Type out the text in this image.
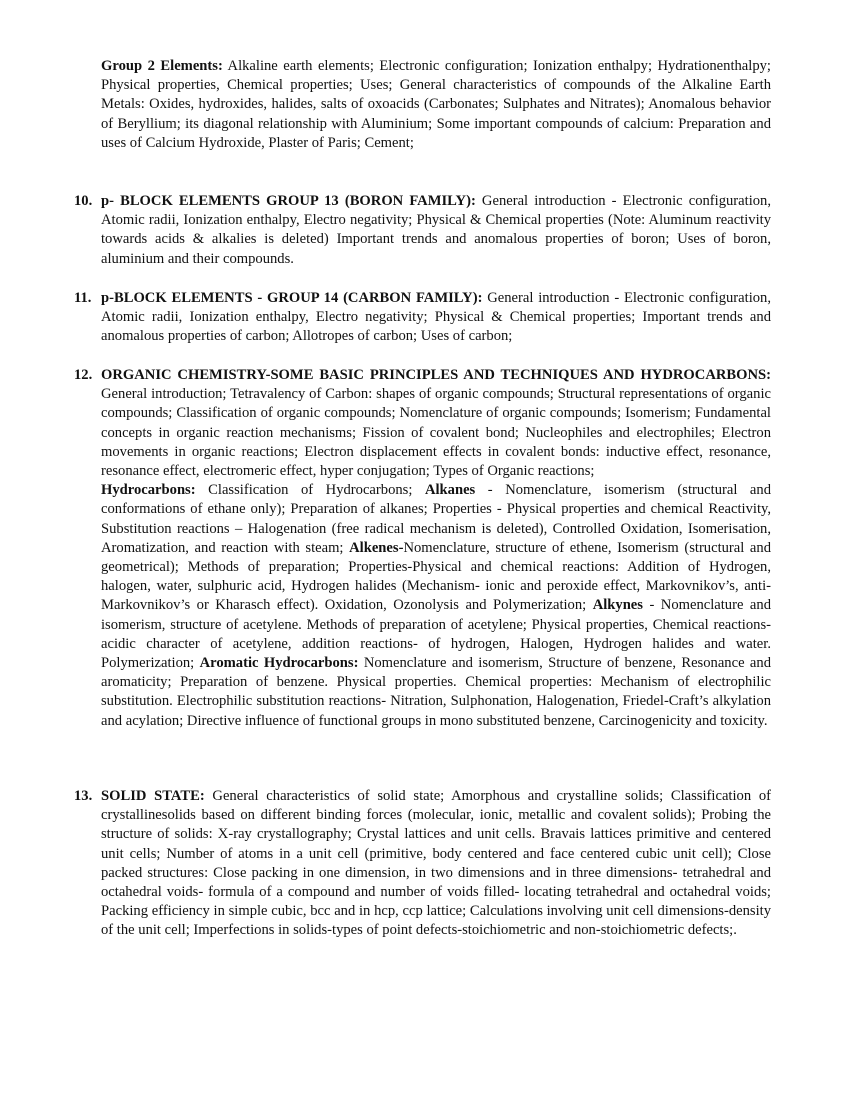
Group 2 Elements: Alkaline earth elements; Electronic configuration; Ionization enthalpy; Hydrationenthalpy; Physical properties, Chemical properties; Uses; General characteristics of compounds of the Alkaline Earth Metals: Oxides, hydroxides, halides, salts of oxoacids (Carbonates; Sulphates and Nitrates); Anomalous behavior of Beryllium; its diagonal relationship with Aluminium; Some important compounds of calcium: Preparation and uses of Calcium Hydroxide, Plaster of Paris; Cement;
10. p- BLOCK ELEMENTS GROUP 13 (BORON FAMILY): General introduction - Electronic configuration, Atomic radii, Ionization enthalpy, Electro negativity; Physical & Chemical properties (Note: Aluminum reactivity towards acids & alkalies is deleted) Important trends and anomalous properties of boron; Uses of boron, aluminium and their compounds.
11. p-BLOCK ELEMENTS - GROUP 14 (CARBON FAMILY): General introduction - Electronic configuration, Atomic radii, Ionization enthalpy, Electro negativity; Physical & Chemical properties; Important trends and anomalous properties of carbon; Allotropes of carbon; Uses of carbon;
12. ORGANIC CHEMISTRY-SOME BASIC PRINCIPLES AND TECHNIQUES AND HYDROCARBONS: General introduction; Tetravalency of Carbon: shapes of organic compounds; Structural representations of organic compounds; Classification of organic compounds; Nomenclature of organic compounds; Isomerism; Fundamental concepts in organic reaction mechanisms; Fission of covalent bond; Nucleophiles and electrophiles; Electron movements in organic reactions; Electron displacement effects in covalent bonds: inductive effect, resonance, resonance effect, electromeric effect, hyper conjugation; Types of Organic reactions;
Hydrocarbons: Classification of Hydrocarbons; Alkanes - Nomenclature, isomerism (structural and conformations of ethane only); Preparation of alkanes; Properties - Physical properties and chemical Reactivity, Substitution reactions – Halogenation (free radical mechanism is deleted), Controlled Oxidation, Isomerisation, Aromatization, and reaction with steam; Alkenes-Nomenclature, structure of ethene, Isomerism (structural and geometrical); Methods of preparation; Properties-Physical and chemical reactions: Addition of Hydrogen, halogen, water, sulphuric acid, Hydrogen halides (Mechanism- ionic and peroxide effect, Markovnikov’s, anti-Markovnikov’s or Kharasch effect). Oxidation, Ozonolysis and Polymerization; Alkynes - Nomenclature and isomerism, structure of acetylene. Methods of preparation of acetylene; Physical properties, Chemical reactions- acidic character of acetylene, addition reactions- of hydrogen, Halogen, Hydrogen halides and water. Polymerization; Aromatic Hydrocarbons: Nomenclature and isomerism, Structure of benzene, Resonance and aromaticity; Preparation of benzene. Physical properties. Chemical properties: Mechanism of electrophilic substitution. Electrophilic substitution reactions- Nitration, Sulphonation, Halogenation, Friedel-Craft’s alkylation and acylation; Directive influence of functional groups in mono substituted benzene, Carcinogenicity and toxicity.
13. SOLID STATE: General characteristics of solid state; Amorphous and crystalline solids; Classification of crystallinesolids based on different binding forces (molecular, ionic, metallic and covalent solids); Probing the structure of solids: X-ray crystallography; Crystal lattices and unit cells. Bravais lattices primitive and centered unit cells; Number of atoms in a unit cell (primitive, body centered and face centered cubic unit cell); Close packed structures: Close packing in one dimension, in two dimensions and in three dimensions- tetrahedral and octahedral voids- formula of a compound and number of voids filled- locating tetrahedral and octahedral voids; Packing efficiency in simple cubic, bcc and in hcp, ccp lattice; Calculations involving unit cell dimensions-density of the unit cell; Imperfections in solids-types of point defects-stoichiometric and non-stoichiometric defects;.
